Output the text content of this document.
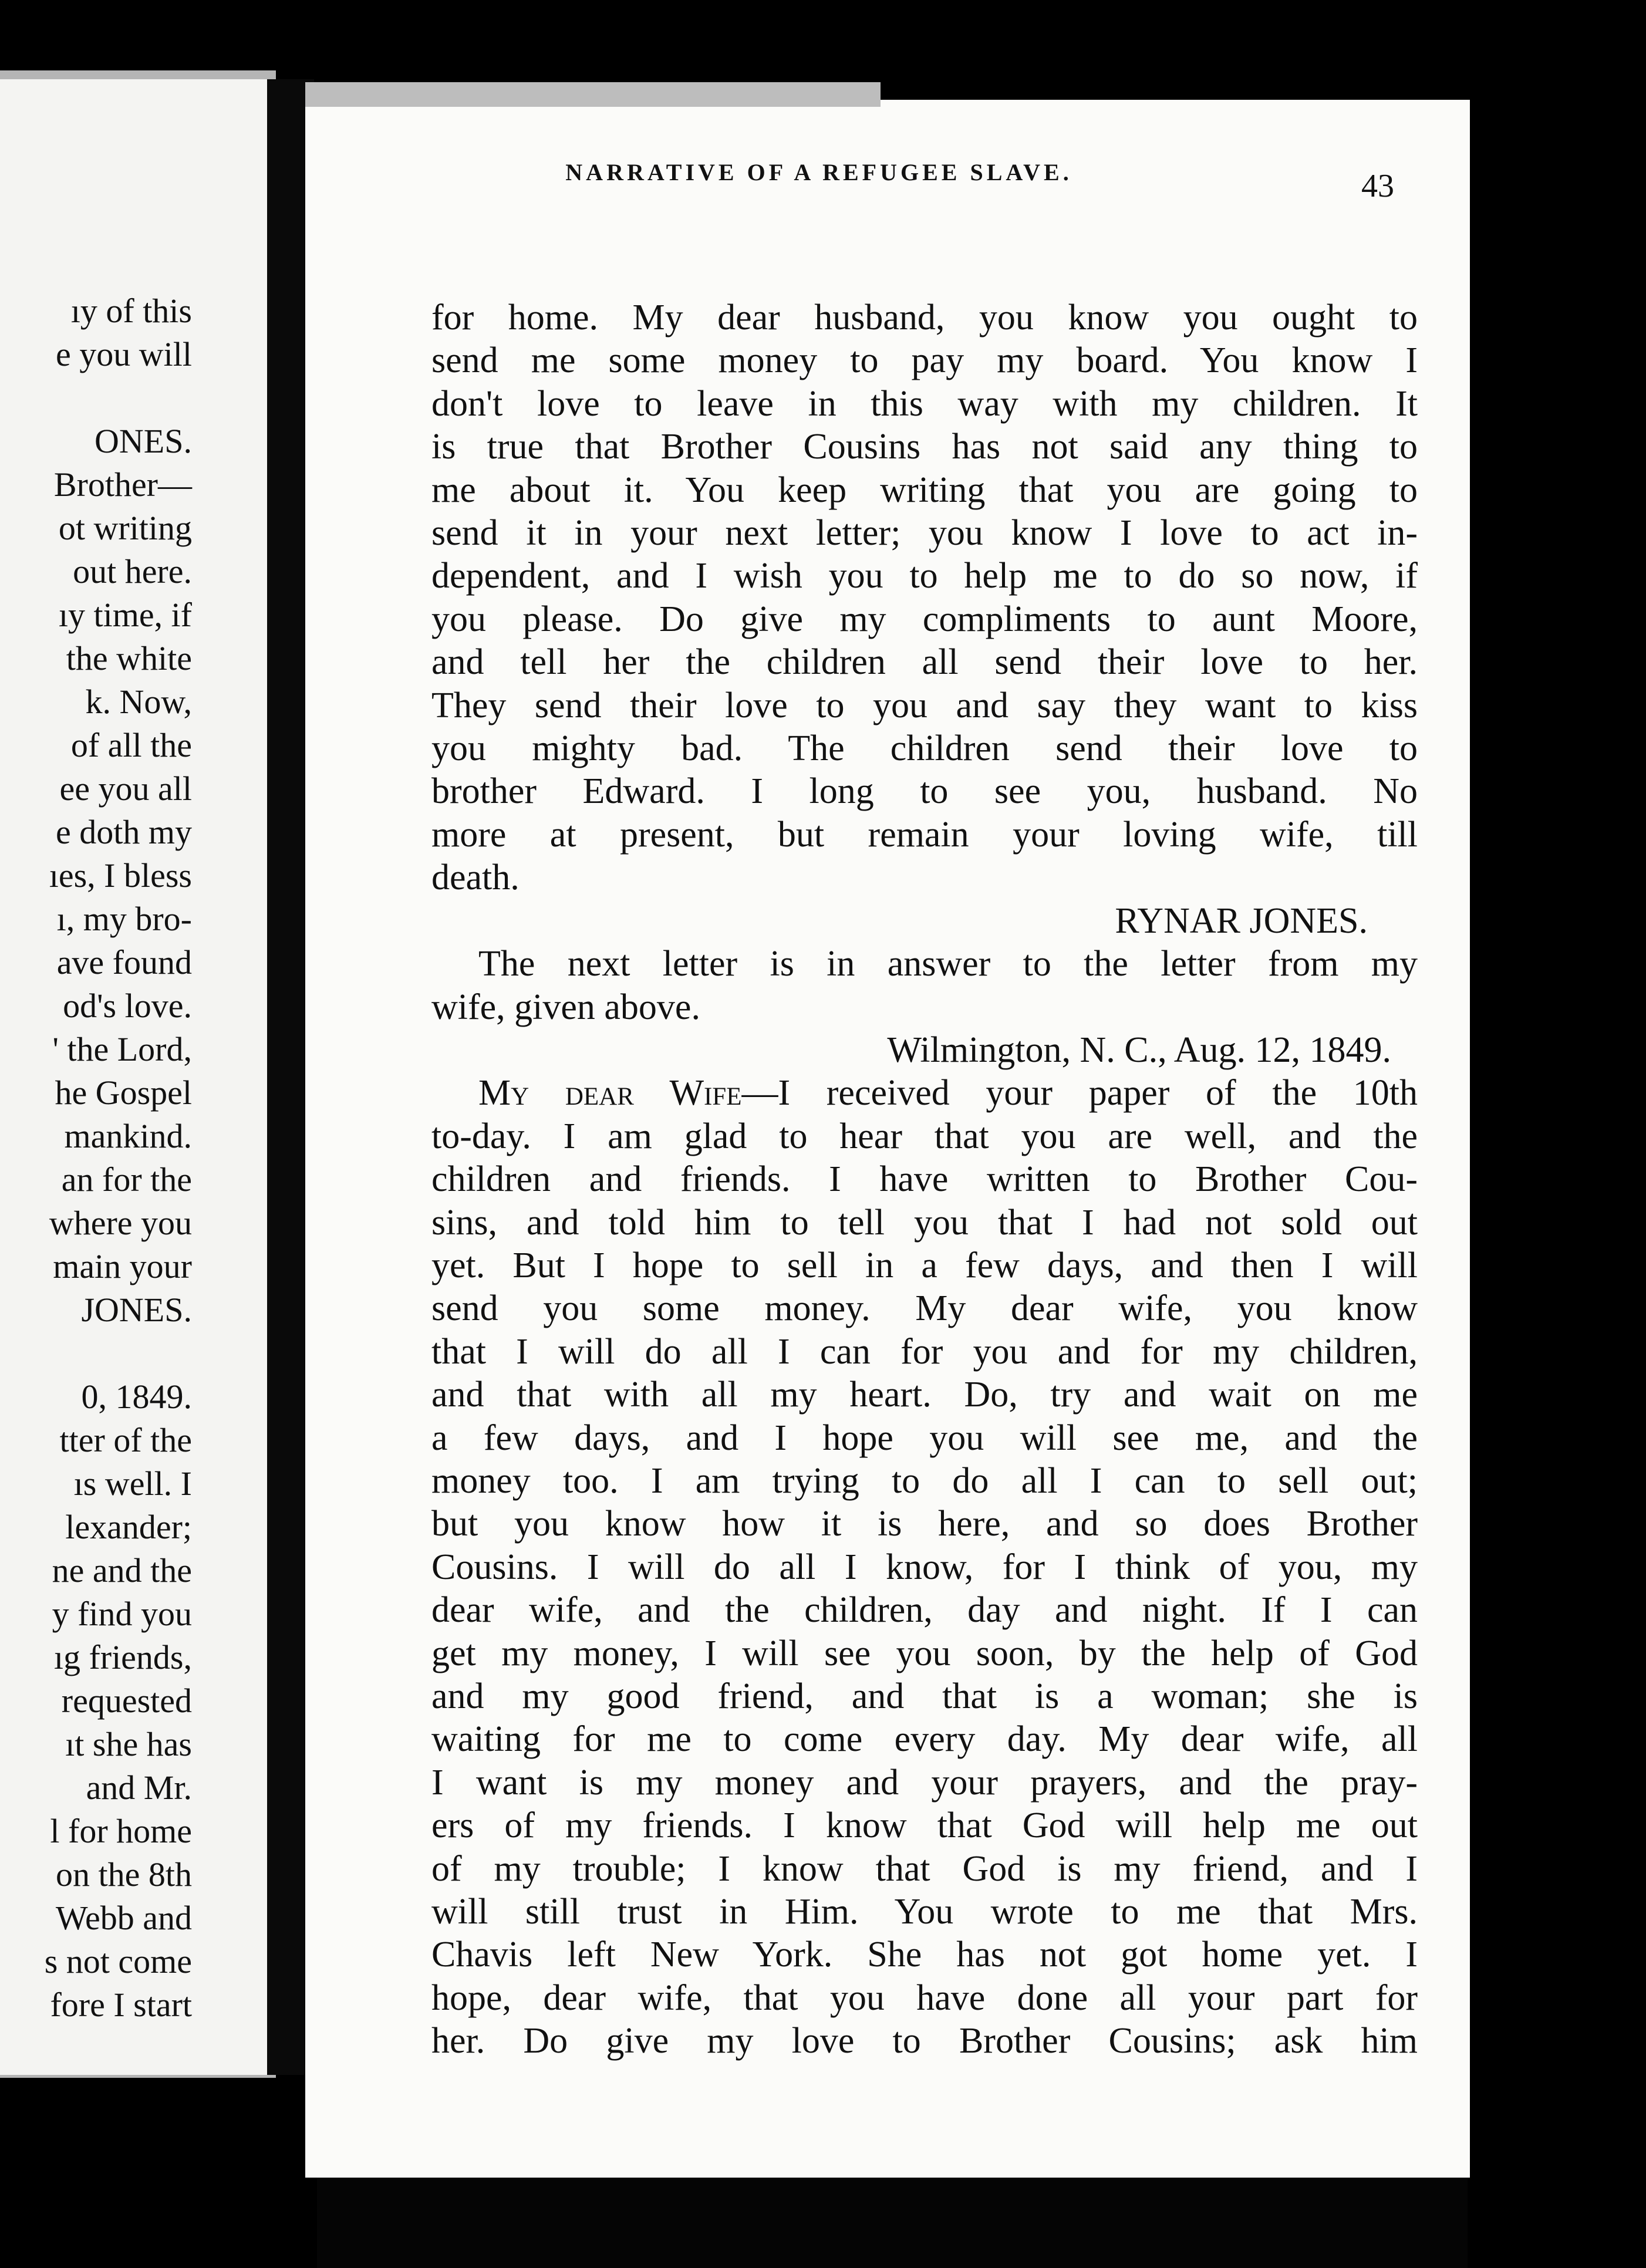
ıy of this
e you will
ONES.
Brother—
ot writing
out here.
ıy time, if
the white
k. Now,
of all the
ee you all
e doth my
ıes, I bless
ı, my bro-
ave found
od's love.
' the Lord,
he Gospel
mankind.
an for the
where you
main your
JONES.
0, 1849.
tter of the
ıs well. I
lexander;
ne and the
y find you
ıg friends,
requested
ıt she has
and Mr.
l for home
on the 8th
Webb and
s not come
fore I start
NARRATIVE OF A REFUGEE SLAVE.	43
for home. My dear husband, you know you ought to
send me some money to pay my board. You know I
don't love to leave in this way with my children. It
is true that Brother Cousins has not said any thing to
me about it. You keep writing that you are going to
send it in your next letter; you know I love to act in-
dependent, and I wish you to help me to do so now, if
you please. Do give my compliments to aunt Moore,
and tell her the children all send their love to her.
They send their love to you and say they want to kiss
you mighty bad. The children send their love to
brother Edward. I long to see you, husband. No
more at present, but remain your loving wife, till
death.
RYNAR JONES.
The next letter is in answer to the letter from my
wife, given above.
Wilmington, N. C., Aug. 12, 1849.
My dear Wife—I received your paper of the 10th
to-day. I am glad to hear that you are well, and the
children and friends. I have written to Brother Cou-
sins, and told him to tell you that I had not sold out
yet. But I hope to sell in a few days, and then I will
send you some money. My dear wife, you know
that I will do all I can for you and for my children,
and that with all my heart. Do, try and wait on me
a few days, and I hope you will see me, and the
money too. I am trying to do all I can to sell out;
but you know how it is here, and so does Brother
Cousins. I will do all I know, for I think of you, my
dear wife, and the children, day and night. If I can
get my money, I will see you soon, by the help of God
and my good friend, and that is a woman; she is
waiting for me to come every day. My dear wife, all
I want is my money and your prayers, and the pray-
ers of my friends. I know that God will help me out
of my trouble; I know that God is my friend, and I
will still trust in Him. You wrote to me that Mrs.
Chavis left New York. She has not got home yet. I
hope, dear wife, that you have done all your part for
her. Do give my love to Brother Cousins; ask him
